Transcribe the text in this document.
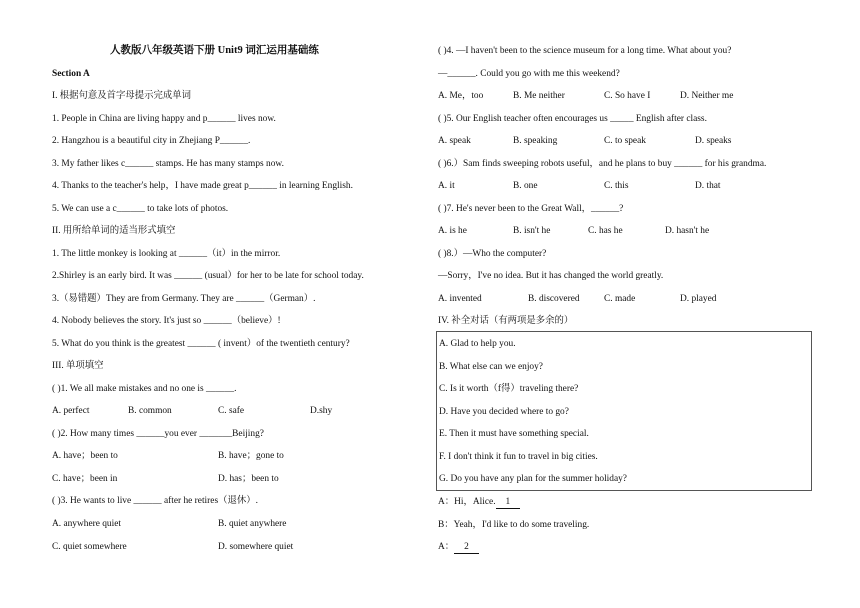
人教版八年级英语下册 Unit9 词汇运用基础练
Section A
I. 根据句意及首字母提示完成单词
1. People in China are living happy and p______ lives now.
2. Hangzhou is a beautiful city in Zhejiang P______.
3. My father likes c______ stamps. He has many stamps now.
4. Thanks to the teacher's help，I have made great p______ in learning English.
5. We can use a c______ to take lots of photos.
II. 用所给单词的适当形式填空
1. The little monkey is looking at ______（it）in the mirror.
2.Shirley is an early bird. It was ______ (usual）for her to be late for school today.
3.（易错题）They are from Germany. They are ______（German）.
4. Nobody believes the story. It's just so ______（believe）!
5. What do you think is the greatest ______ ( invent）of the twentieth century?
III. 单项填空
( )1. We all make mistakes and no one is ______.
A. perfect	B. common	C. safe	D.shy
( )2. How many times ______you ever _______Beijing?
A. have；been to	B. have；gone to
C. have；been in	D. has；been to
( )3. He wants to live ______ after he retires（退休）.
A. anywhere quiet	B. quiet anywhere
C. quiet somewhere	D. somewhere quiet
( )4. —I haven't been to the science museum for a long time. What about you?
—______. Could you go with me this weekend?
A. Me，too	B. Me neither	C. So have I	D. Neither me
( )5. Our English teacher often encourages us _____ English after class.
A. speak	B. speaking	C. to speak	D. speaks
( )6.）Sam finds sweeping robots useful，and he plans to buy ______ for his grandma.
A. it	B. one	C. this	D. that
( )7. He's never been to the Great Wall，______?
A. is he	B. isn't he	C. has he	D. hasn't he
( )8.）—Who the computer?
—Sorry，I've no idea. But it has changed the world greatly.
A. invented	B. discovered	C. made	D. played
IV. 补全对话（有两项是多余的）
A. Glad to help you.
B. What else can we enjoy?
C. Is it worth（f得）traveling there?
D. Have you decided where to go?
E. Then it must have something special.
F. I don't think it fun to travel in big cities.
G. Do you have any plan for the summer holiday?
A：Hi，Alice. 1
B：Yeah，I'd like to do some traveling.
A： 2
